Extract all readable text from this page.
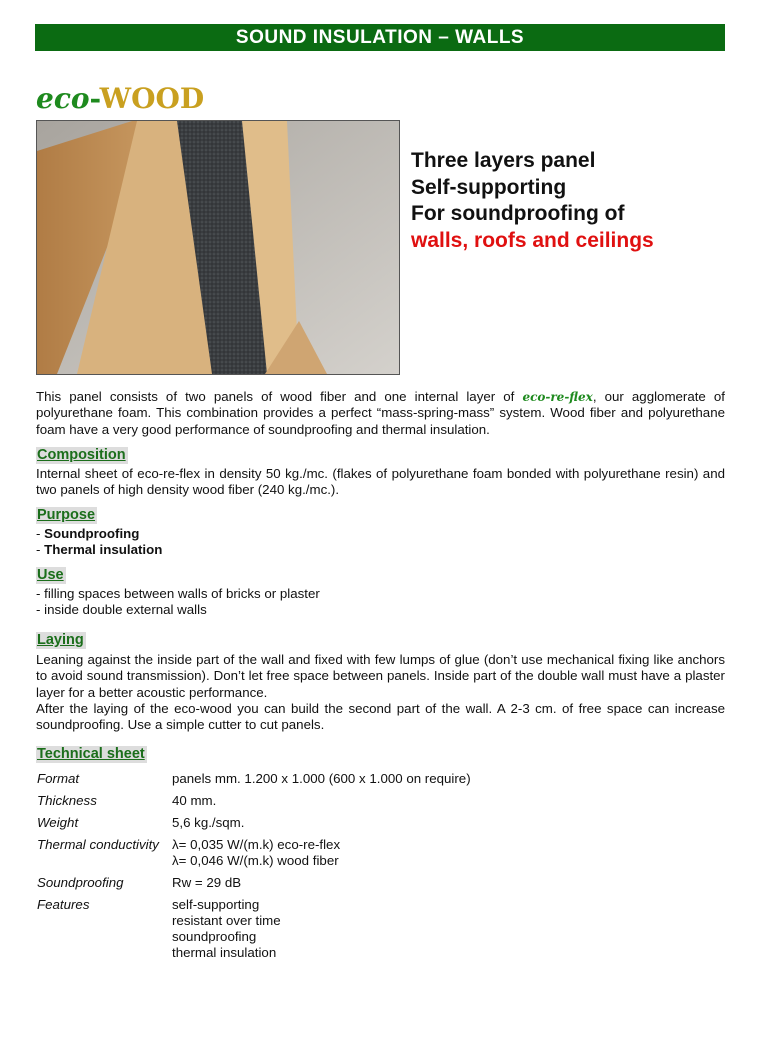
SOUND INSULATION – WALLS
eco-WOOD
Three layers panel
Self-supporting
For soundproofing of
walls, roofs and ceilings

This panel consists of two panels of wood fiber and one internal layer of eco-re-flex, our agglomerate of polyurethane foam. This combination provides a perfect “mass-spring-mass” system. Wood fiber and polyurethane foam have a very good performance of soundproofing and thermal insulation.

Composition

Internal sheet of eco-re-flex in density 50 kg./mc. (flakes of polyurethane foam bonded with polyurethane resin) and two panels of high density wood fiber (240 kg./mc.).

Purpose
- Soundproofing
- Thermal insulation
Use
- filling spaces between walls of bricks or plaster
- inside double external walls
Laying

Leaning against the inside part of the wall and fixed with few lumps of glue (don’t use mechanical fixing like anchors to avoid sound transmission). Don’t let free space between panels. Inside part of the double wall must have a plaster layer for a better acoustic performance.

After the laying of the eco-wood you can build the second part of the wall. A 2-3 cm. of free space can increase soundproofing. Use a simple cutter to cut panels.

Technical sheet
Format	panels mm. 1.200 x 1.000 (600 x 1.000 on require)
Thickness	40 mm.
Weight	5,6 kg./sqm.
Thermal conductivity λ= 0,035 W/(m.k) eco-re-flex
λ= 0,046 W/(m.k) wood fiber
Soundproofing	Rw = 29 dB
Features	self-supporting
resistant over time
soundproofing
thermal insulation
